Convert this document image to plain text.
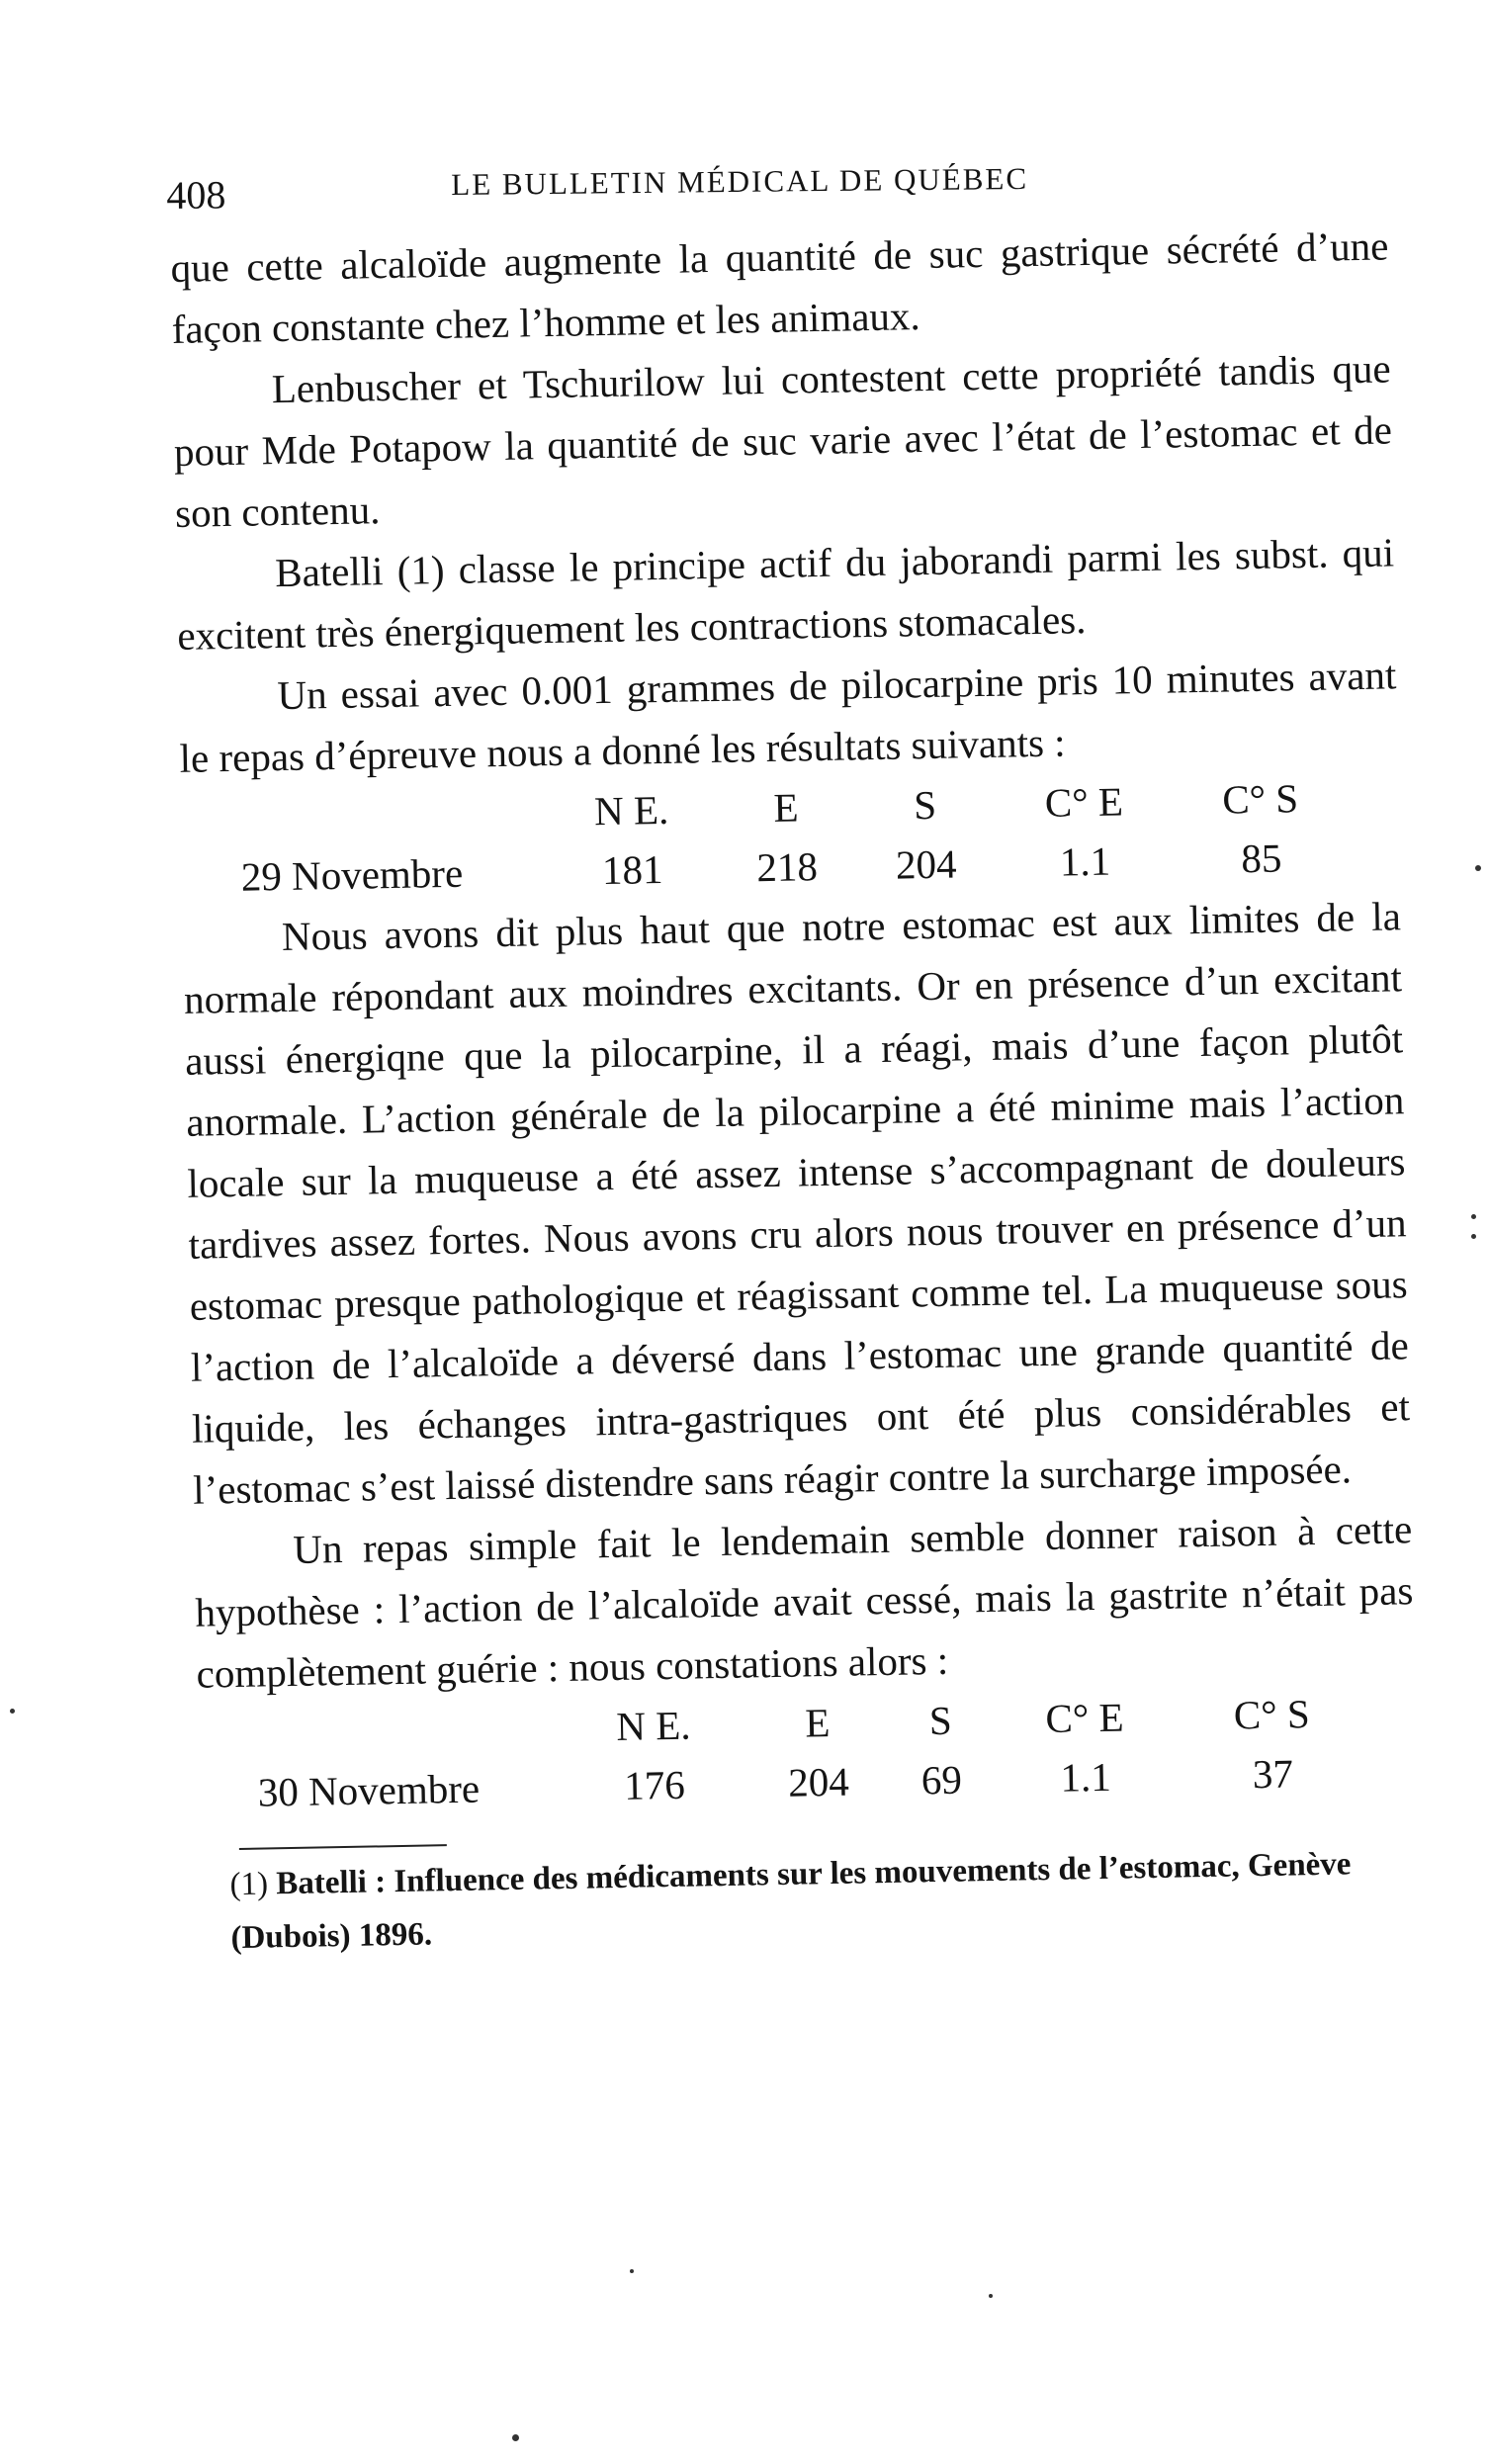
408	LE BULLETIN MÉDICAL DE QUÉBEC

que cette alcaloïde augmente la quantité de suc gastrique sécrété d’une façon constante chez l’homme et les animaux.

Lenbuscher et Tschurilow lui contestent cette propriété tandis que pour Mde Potapow la quantité de suc varie avec l’état de l’estomac et de son contenu.

Batelli (1) classe le principe actif du jaborandi parmi les subst. qui excitent très énergiquement les contractions stomacales.

Un essai avec 0.001 grammes de pilocarpine pris 10 minutes avant le repas d’épreuve nous a donné les résultats suivants :

	N E.	E	S	C° E	C° S
29 Novembre	181	218	204	1.1	85

Nous avons dit plus haut que notre estomac est aux limites de la normale répondant aux moindres excitants. Or en présence d’un excitant aussi énergiqne que la pilocarpine, il a réagi, mais d’une façon plutôt anormale. L’action générale de la pilocarpine a été minime mais l’action locale sur la muqueuse a été assez intense s’accompagnant de douleurs tardives assez fortes. Nous avons cru alors nous trouver en présence d’un estomac presque pathologique et réagissant comme tel. La muqueuse sous l’action de l’alcaloïde a déversé dans l’estomac une grande quantité de liquide, les échanges intra-gastriques ont été plus considérables et l’estomac s’est laissé distendre sans réagir contre la surcharge imposée.

Un repas simple fait le lendemain semble donner raison à cette hypothèse : l’action de l’alcaloïde avait cessé, mais la gastrite n’était pas complètement guérie : nous constations alors :

	N E.	E	S	C° E	C° S
30 Novembre	176	204	69	1.1	37

(1) Batelli : Influence des médicaments sur les mouvements de l’estomac, Genève (Dubois) 1896.
